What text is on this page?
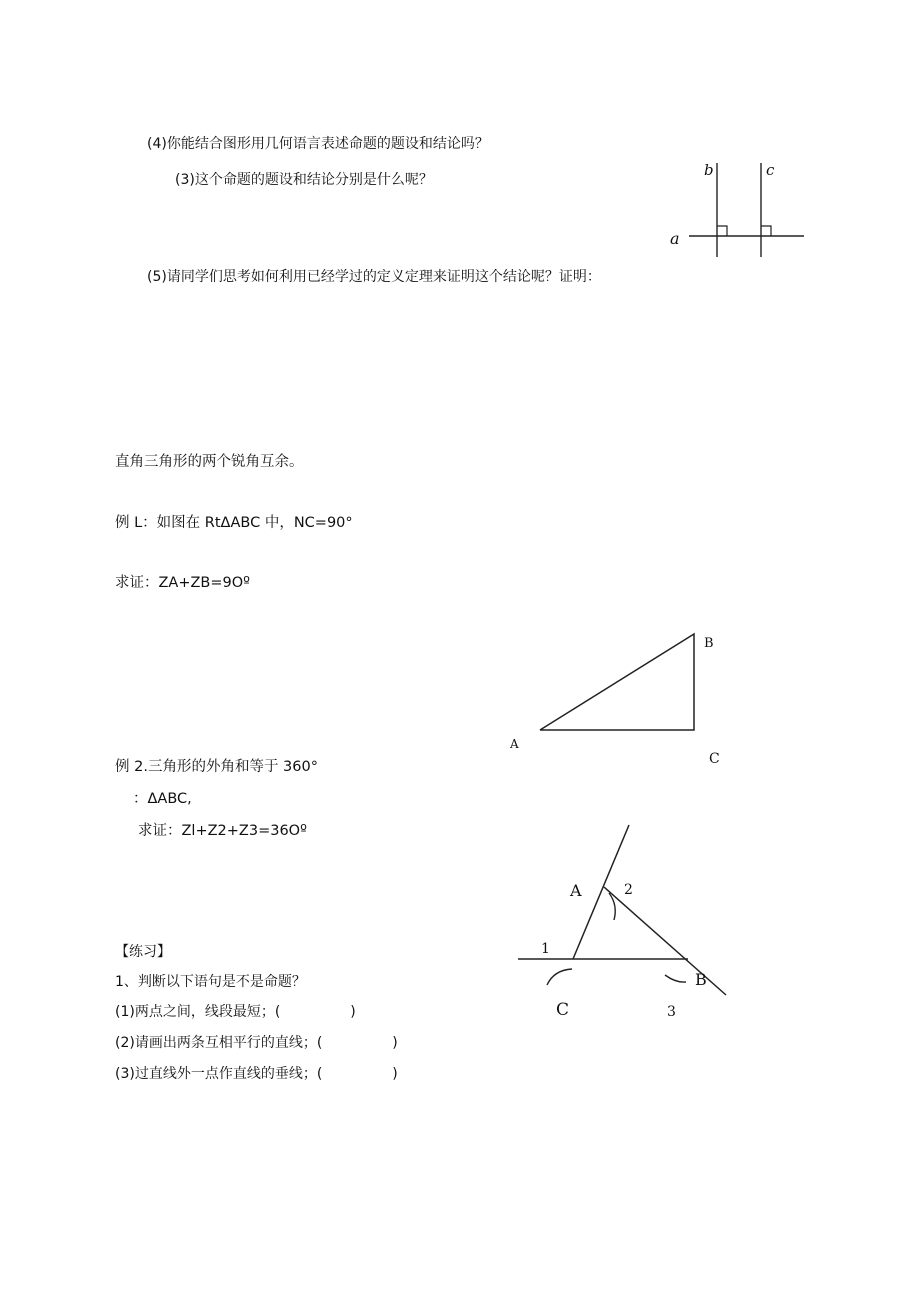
(4)你能结合图形用几何语言表述命题的题设和结论吗？
(3)这个命题的题设和结论分别是什么呢？
(5)请同学们思考如何利用已经学过的定义定理来证明这个结论呢？证明：
b	c
a
直角三角形的两个锐角互余。
例 L：如图在 RtΔABC 中，NC=90°
求证：ZA+ZB=9Oº
B
A
C
例 2.三角形的外角和等于 360°
：ΔABC,
求证：Zl+Z2+Z3=36Oº
A	2
1
B
C	3
【练习】
1、判断以下语句是不是命题？
(1)两点之间，线段最短；(　　　　　)
(2)请画出两条互相平行的直线；(　　　　　)
(3)过直线外一点作直线的垂线；(　　　　　)
